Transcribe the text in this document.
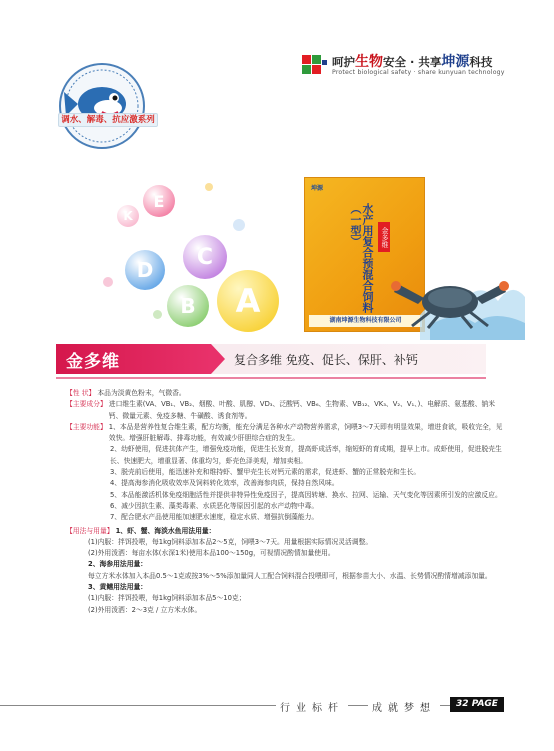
调水、解毒、抗应激系列
呵护生物安全 · 共享坤源科技
Protect biological safety · share kunyuan technology
K
E
C
D
B A
坤源
水产用复合预混合饲料（一型）	金多维
湖南坤源生物科技有限公司
金多维	复合多维 免疫、促长、保肝、补钙
【性 状】 本品为淡黄色粉末，气微香。
【主要成分】 进口维生素(VA、VB₁、VB₂、烟酸、叶酸、肌醇、VD₃、泛酸钙、VB₆、生物素、VB₁₂、VK₃、V₂、V₁、)、电解质、氨基酸、钠米钙、微量元素、免疫多糖、牛磺酸、诱食剂等。
【主要功能】 1、本品是营养性复合维生素，配方均衡，能充分满足各种水产动物营养需求，饲喂3～7天即有明显效果，增进食欲，吸收完全，见效快。增强肝脏解毒、排毒功能，有效减少肝胆综合症的发生。
2、幼虾使用，促进抗体产生，增强免疫功能，促进生长发育，提高虾成活率，缩短虾的育成期，提早上市。成虾使用，促进脱壳生长、快速肥大，增重显著、体重均匀，虾壳色泽美观，增加卖相。
3、脱壳前后使用，能迅速补充和维持虾、蟹甲壳生长对钙元素的需求，促进虾、蟹的正常脱壳和生长。
4、提高海参消化吸收效率及饲料转化效率，改善海参肉质，保持自然风味。
5、本品能激活机体免疫细胞活性并提供非特异性免疫因子，提高因转塘、换水、拉网、运输、天气变化等因素所引发的应激反应。
6、减少因抗生素、藻类毒素、水质恶化等原因引起的水产动物中毒。
7、配合肥水产品使用能加速肥水速度，稳定水质、增强抗倒藻能力。
【用法与用量】 1、虾、蟹、海淡水鱼用法用量：
(1)内服：拌饵投喂，每1kg饲料添加本品2～5克，饲喂3～7天。用量根据实际情况灵活调整。
(2)外用泼洒：每亩水体(水深1米)使用本品100～150g，可视情况酌情加量使用。
2、海参用法用量：
每立方米水体加入本品0.5～1克或按3%～5%添加量同人工配合饲料混合投喂即可，根据参苗大小、水温、长势情况酌情增减添加量。
3、黄鳝用法用量：
(1)内服：拌饵投喂，每1kg饲料添加本品5～10克；
(2)外用泼洒：2～3克 / 立方米水体。
行业标杆	成就梦想	32 PAGE
